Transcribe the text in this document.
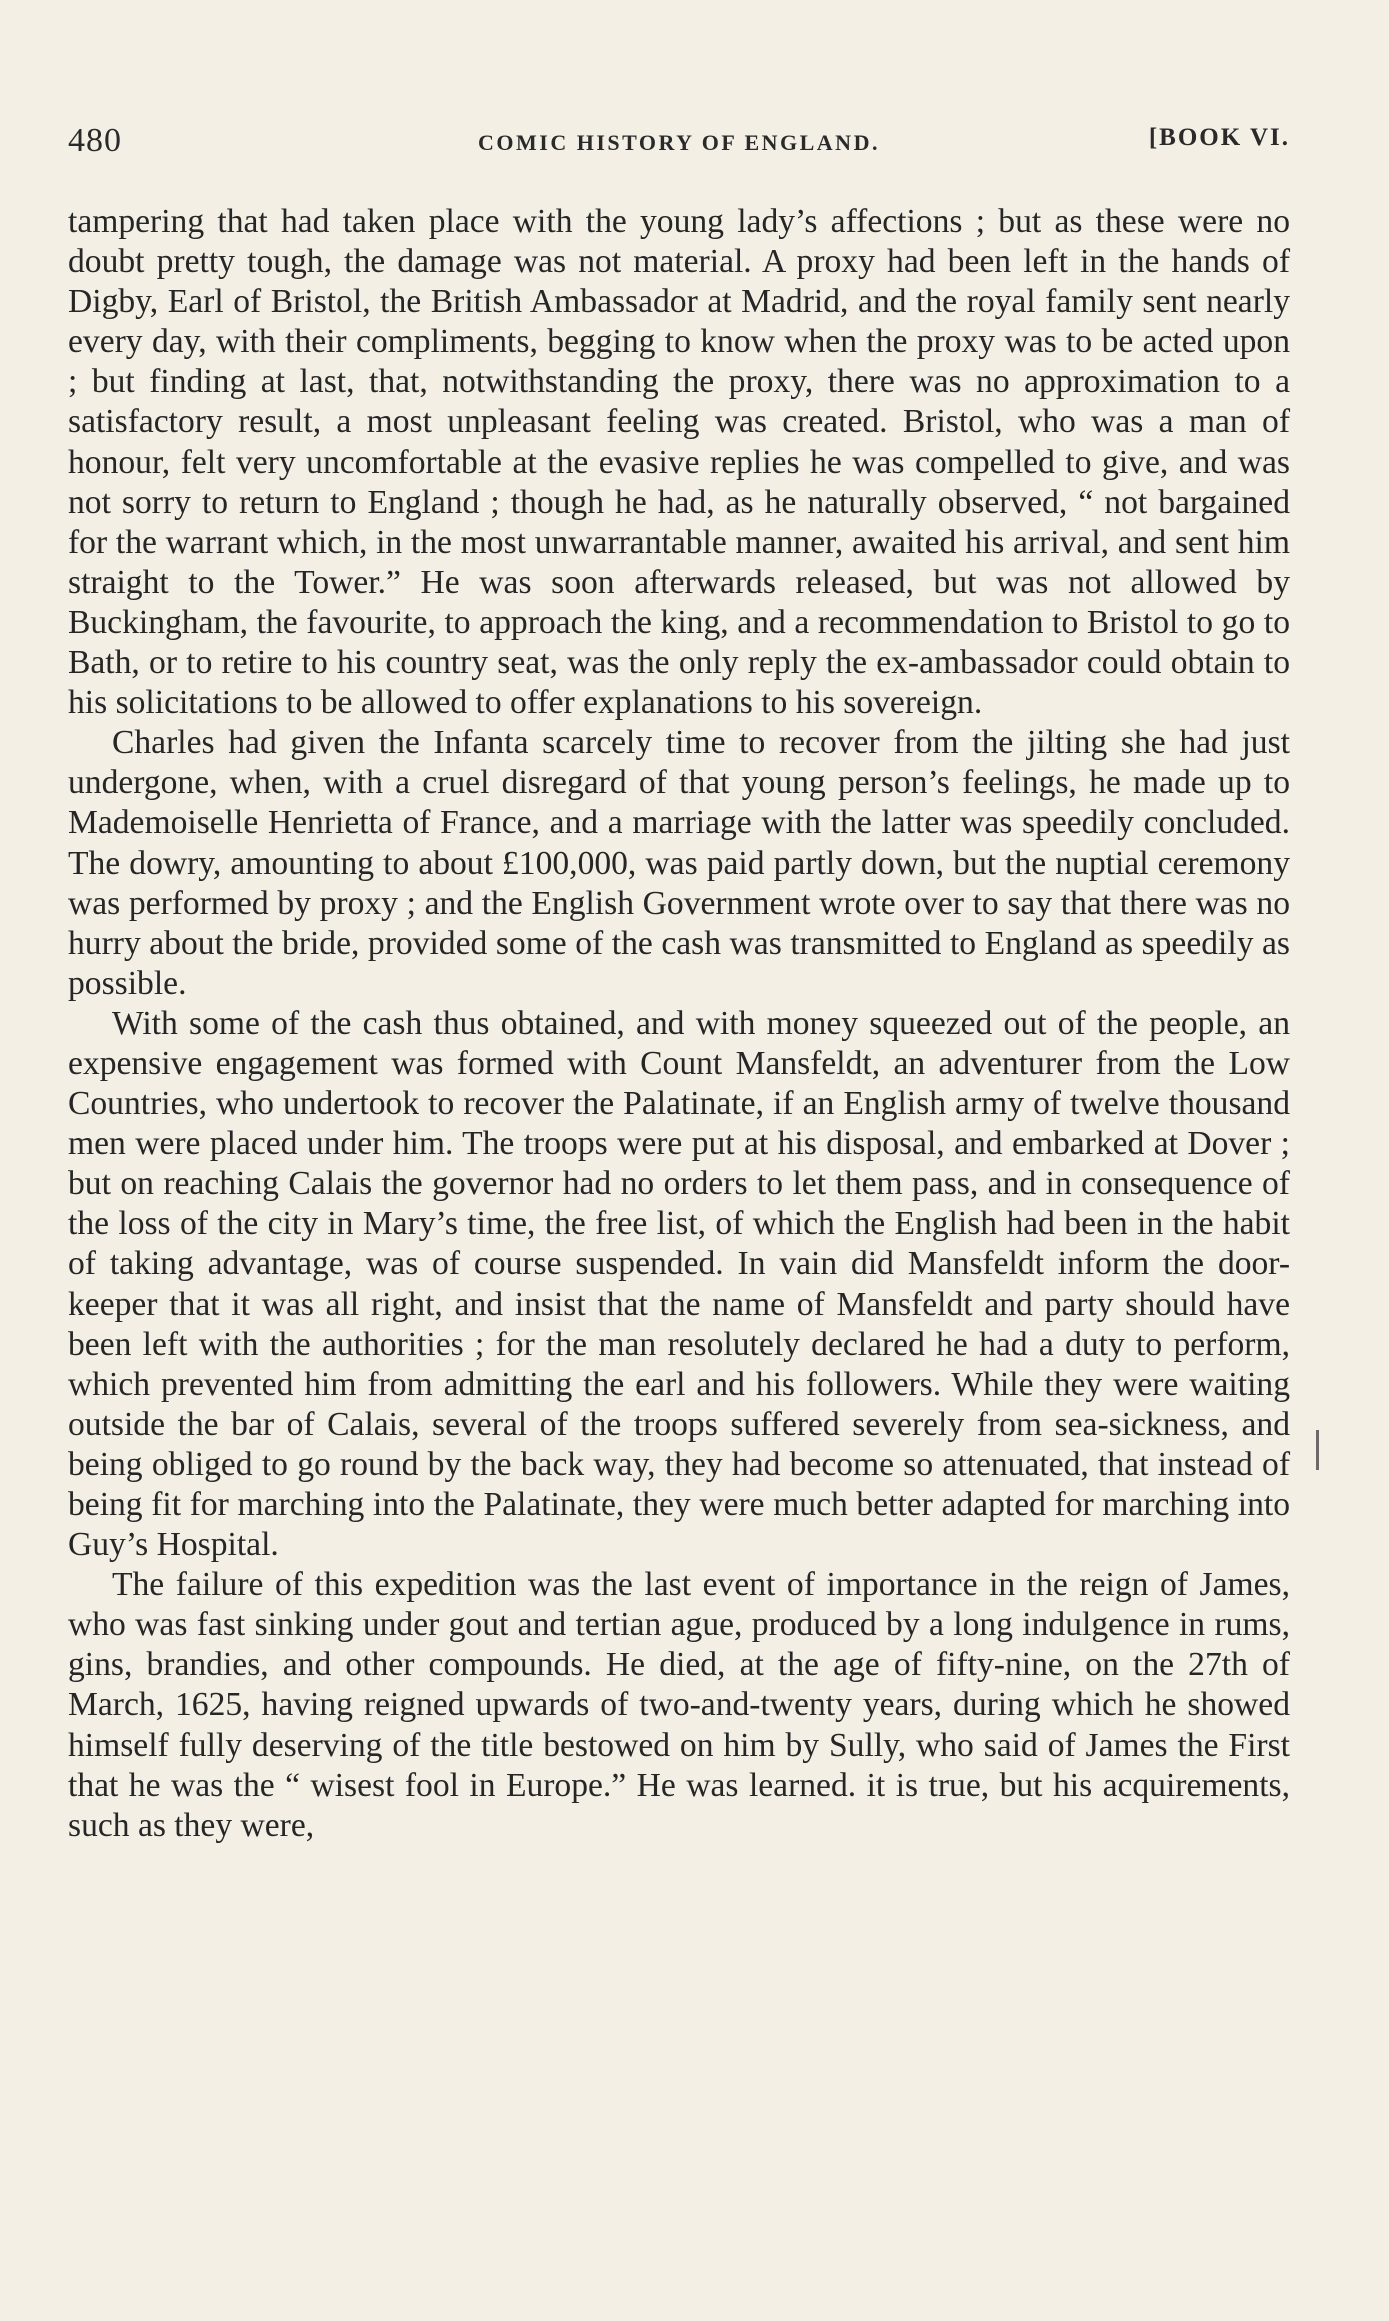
480	COMIC HISTORY OF ENGLAND.	[BOOK VI.

tampering that had taken place with the young lady’s affections ; but as these were no doubt pretty tough, the damage was not material. A proxy had been left in the hands of Digby, Earl of Bristol, the British Ambassador at Madrid, and the royal family sent nearly every day, with their compliments, begging to know when the proxy was to be acted upon ; but finding at last, that, notwithstanding the proxy, there was no approximation to a satisfactory result, a most unpleasant feeling was created. Bristol, who was a man of honour, felt very uncomfortable at the evasive replies he was compelled to give, and was not sorry to return to England ; though he had, as he naturally observed, “ not bargained for the warrant which, in the most unwarrantable manner, awaited his arrival, and sent him straight to the Tower.” He was soon afterwards released, but was not allowed by Buckingham, the favourite, to approach the king, and a recommendation to Bristol to go to Bath, or to retire to his country seat, was the only reply the ex-ambassador could obtain to his solicitations to be allowed to offer explanations to his sovereign.

Charles had given the Infanta scarcely time to recover from the jilting she had just undergone, when, with a cruel disregard of that young person’s feelings, he made up to Mademoiselle Henrietta of France, and a marriage with the latter was speedily concluded. The dowry, amounting to about £100,000, was paid partly down, but the nuptial ceremony was performed by proxy ; and the English Government wrote over to say that there was no hurry about the bride, provided some of the cash was transmitted to England as speedily as possible.

With some of the cash thus obtained, and with money squeezed out of the people, an expensive engagement was formed with Count Mansfeldt, an adventurer from the Low Countries, who undertook to recover the Palatinate, if an English army of twelve thousand men were placed under him. The troops were put at his disposal, and embarked at Dover ; but on reaching Calais the governor had no orders to let them pass, and in consequence of the loss of the city in Mary’s time, the free list, of which the English had been in the habit of taking advantage, was of course suspended. In vain did Mansfeldt inform the door-keeper that it was all right, and insist that the name of Mansfeldt and party should have been left with the authorities ; for the man resolutely declared he had a duty to perform, which prevented him from admitting the earl and his followers. While they were waiting outside the bar of Calais, several of the troops suffered severely from sea-sickness, and being obliged to go round by the back way, they had become so attenuated, that instead of being fit for marching into the Palatinate, they were much better adapted for marching into Guy’s Hospital.

The failure of this expedition was the last event of importance in the reign of James, who was fast sinking under gout and tertian ague, produced by a long indulgence in rums, gins, brandies, and other compounds. He died, at the age of fifty-nine, on the 27th of March, 1625, having reigned upwards of two-and-twenty years, during which he showed himself fully deserving of the title bestowed on him by Sully, who said of James the First that he was the “ wisest fool in Europe.” He was learned. it is true, but his acquirements, such as they were,
